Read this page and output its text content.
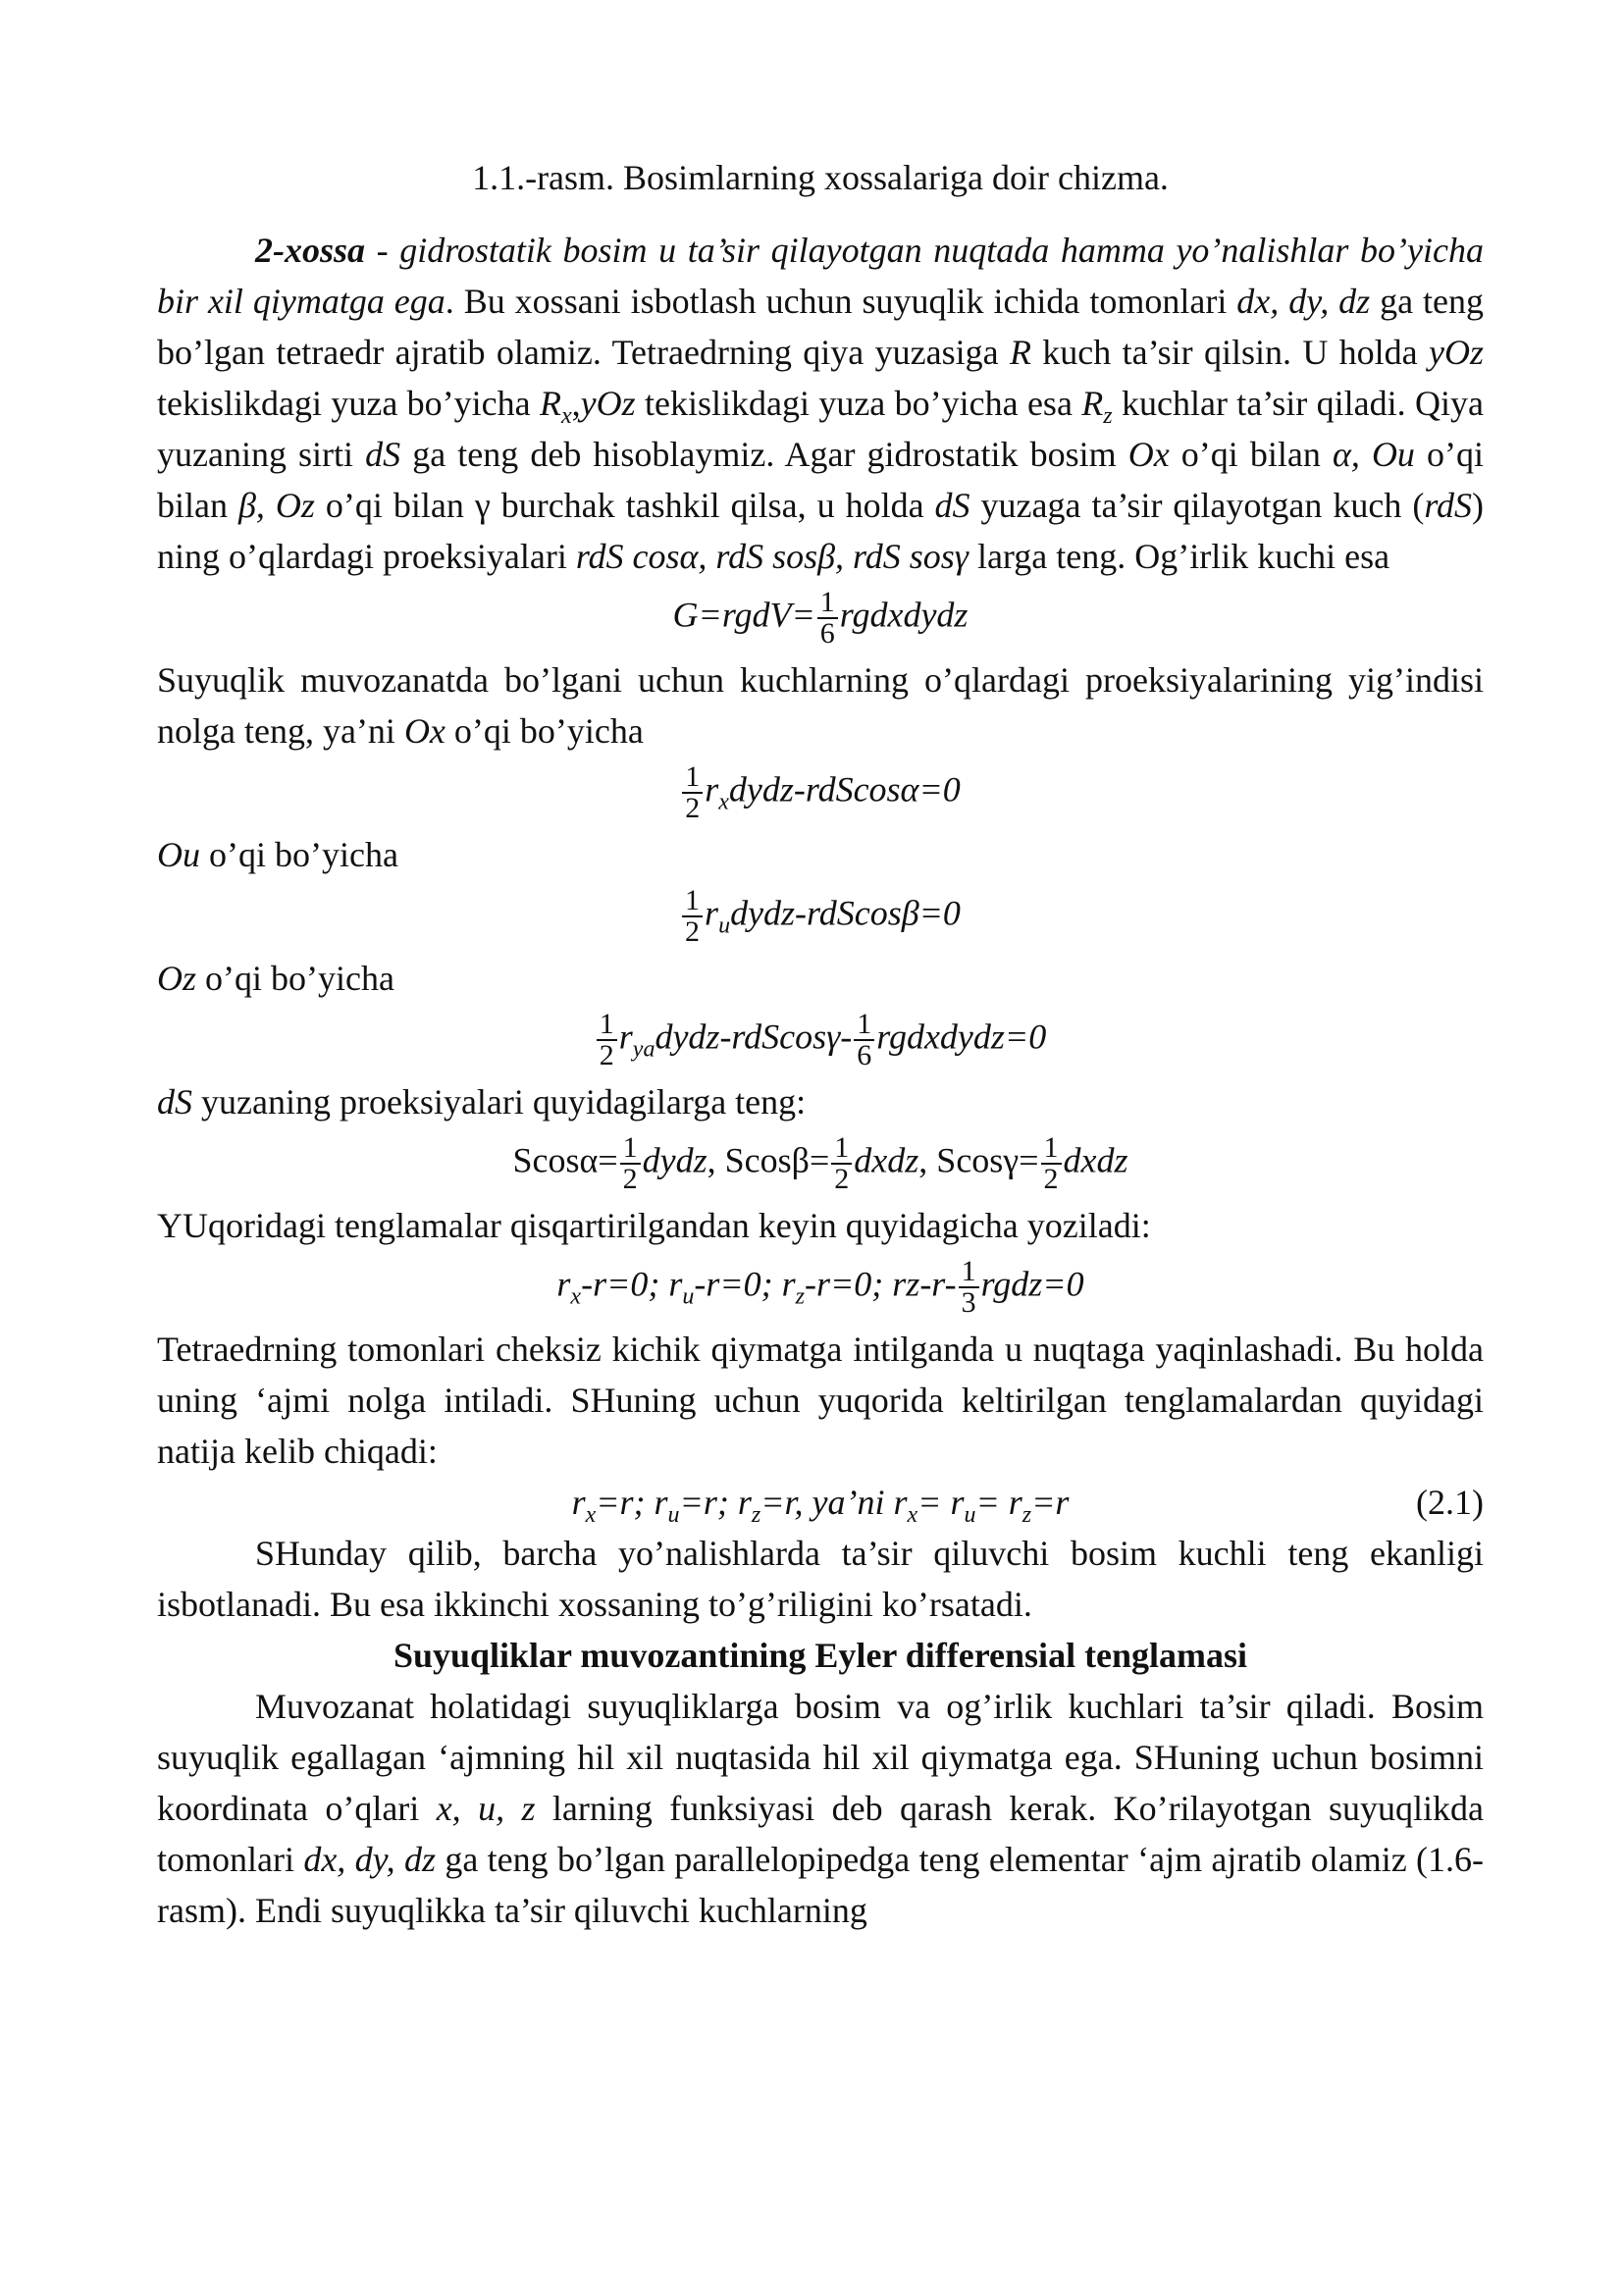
1.1.-rasm. Bosimlarning xossalariga doir chizma.

2-xossa - gidrostatik bosim u ta’sir qilayotgan nuqtada hamma yo’nalishlar bo’yicha bir xil qiymatga ega. Bu xossani isbotlash uchun suyuqlik ichida tomonlari dx, dy, dz ga teng bo’lgan tetraedr ajratib olamiz. Tetraedrning qiya yuzasiga R kuch ta’sir qilsin. U holda yOz tekislikdagi yuza bo’yicha $R_x,yOz$ tekislikdagi yuza bo’yicha esa $R_z$ kuchlar ta’sir qiladi. Qiya yuzaning sirti dS ga teng deb hisoblaymiz. Agar gidrostatik bosim Ox o’qi bilan α, Ou o’qi bilan β, Oz o’qi bilan γ burchak tashkil qilsa, u holda dS yuzaga ta’sir qilayotgan kuch (rdS) ning o’qlardagi proeksiyalari rdS cosα, rdS sosβ, rdS sosγ larga teng. Og’irlik kuchi esa

G=rgdV= $\frac{1}{6}$ rgdxdydz

Suyuqlik muvozanatda bo’lgani uchun kuchlarning o’qlardagi proeksiyalarining yig’indisi nolga teng, ya’ni Ox o’qi bo’yicha

$\frac{1}{2}$ $r_xdydz-rdScos\alpha=0$

Ou o’qi bo’yicha

$\frac{1}{2}$ $r_udydz-rdScos\beta=0$

Oz o’qi bo’yicha

$\frac{1}{2}$ $r_{ya}dydz-rdScos\gamma- \frac{1}{6}$ rgdxdydz=0

dS yuzaning proeksiyalari quyidagilarga teng:

$Scos\alpha= \frac{1}{2}$ dydz, $Scos\beta= \frac{1}{2}$ dxdz, $Scos\gamma= \frac{1}{2}$ dxdz

YUqoridagi tenglamalar qisqartirilgandan keyin quyidagicha yoziladi:

$r_x-r=0$; $r_u-r=0$; $r_z-r=0$; $rz-r- \frac{1}{3}$ rgdz=0

Tetraedrning tomonlari cheksiz kichik qiymatga intilganda u nuqtaga yaqinlashadi. Bu holda uning ‘ajmi nolga intiladi. SHuning uchun yuqorida keltirilgan tenglamalardan quyidagi natija kelib chiqadi:

$r_x=r$; $r_u=r$; $r_z=r$, ya’ni $r_x= r_u= r_z=r$	(2.1)

SHunday qilib, barcha yo’nalishlarda ta’sir qiluvchi bosim kuchli teng ekanligi isbotlanadi. Bu esa ikkinchi xossaning to’g’riligini ko’rsatadi.

Suyuqliklar muvozantining Eyler differensial tenglamasi

Muvozanat holatidagi suyuqliklarga bosim va og’irlik kuchlari ta’sir qiladi. Bosim suyuqlik egallagan ‘ajmning hil xil nuqtasida hil xil qiymatga ega. SHuning uchun bosimni koordinata o’qlari x, u, z larning funksiyasi deb qarash kerak. Ko’rilayotgan suyuqlikda tomonlari dx, dy, dz ga teng bo’lgan parallelopipedga teng elementar ‘ajm ajratib olamiz (1.6-rasm). Endi suyuqlikka ta’sir qiluvchi kuchlarning
